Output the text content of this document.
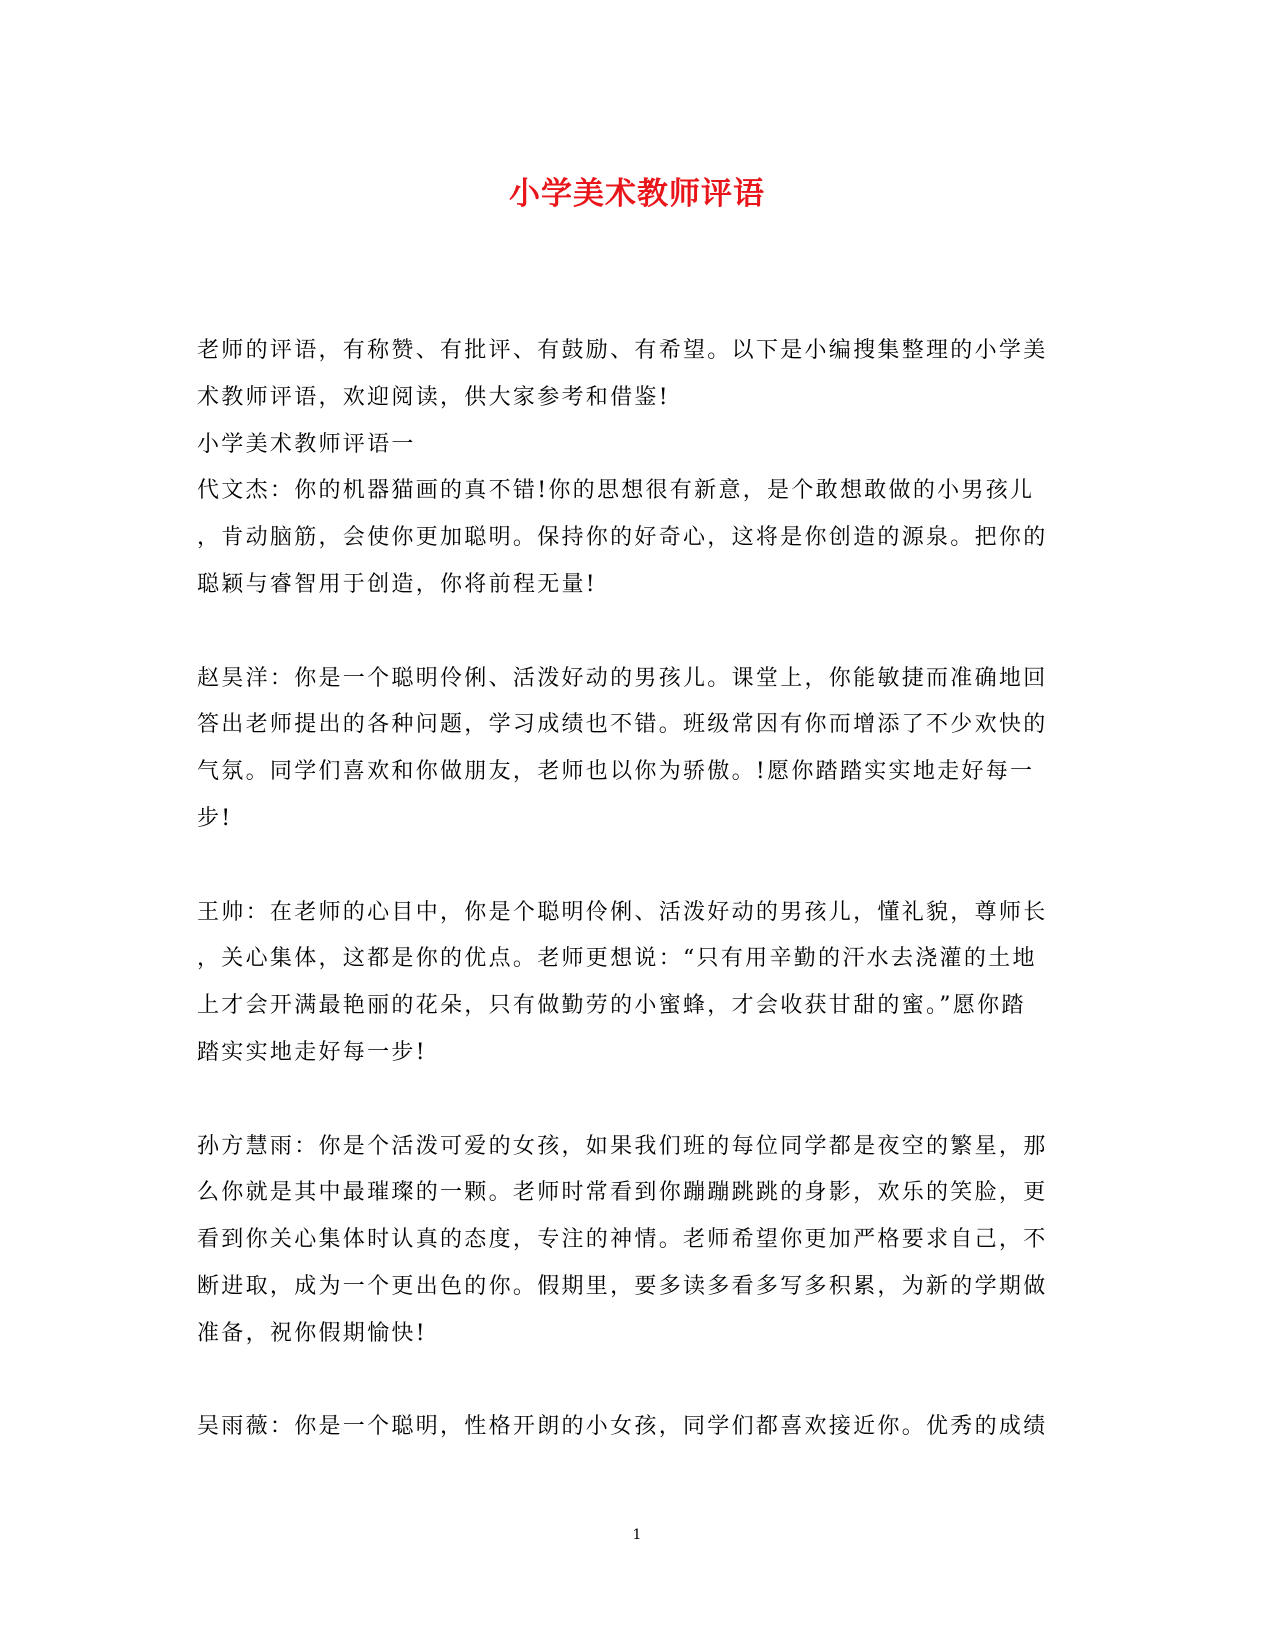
小学美术教师评语
老师的评语，有称赞、有批评、有鼓励、有希望。以下是小编搜集整理的小学美
术教师评语，欢迎阅读，供大家参考和借鉴!
小学美术教师评语一
代文杰：你的机器猫画的真不错!你的思想很有新意，是个敢想敢做的小男孩儿
，肯动脑筋，会使你更加聪明。保持你的好奇心，这将是你创造的源泉。把你的
聪颖与睿智用于创造，你将前程无量!
赵昊洋：你是一个聪明伶俐、活泼好动的男孩儿。课堂上，你能敏捷而准确地回
答出老师提出的各种问题，学习成绩也不错。班级常因有你而增添了不少欢快的
气氛。同学们喜欢和你做朋友，老师也以你为骄傲。!愿你踏踏实实地走好每一
步!
王帅：在老师的心目中，你是个聪明伶俐、活泼好动的男孩儿，懂礼貌，尊师长
，关心集体，这都是你的优点。老师更想说：“只有用辛勤的汗水去浇灌的土地
上才会开满最艳丽的花朵，只有做勤劳的小蜜蜂，才会收获甘甜的蜜。”愿你踏
踏实实地走好每一步!
孙方慧雨：你是个活泼可爱的女孩，如果我们班的每位同学都是夜空的繁星，那
么你就是其中最璀璨的一颗。老师时常看到你蹦蹦跳跳的身影，欢乐的笑脸，更
看到你关心集体时认真的态度，专注的神情。老师希望你更加严格要求自己，不
断进取，成为一个更出色的你。假期里，要多读多看多写多积累，为新的学期做
准备，祝你假期愉快!
吴雨薇：你是一个聪明，性格开朗的小女孩，同学们都喜欢接近你。优秀的成绩
1
